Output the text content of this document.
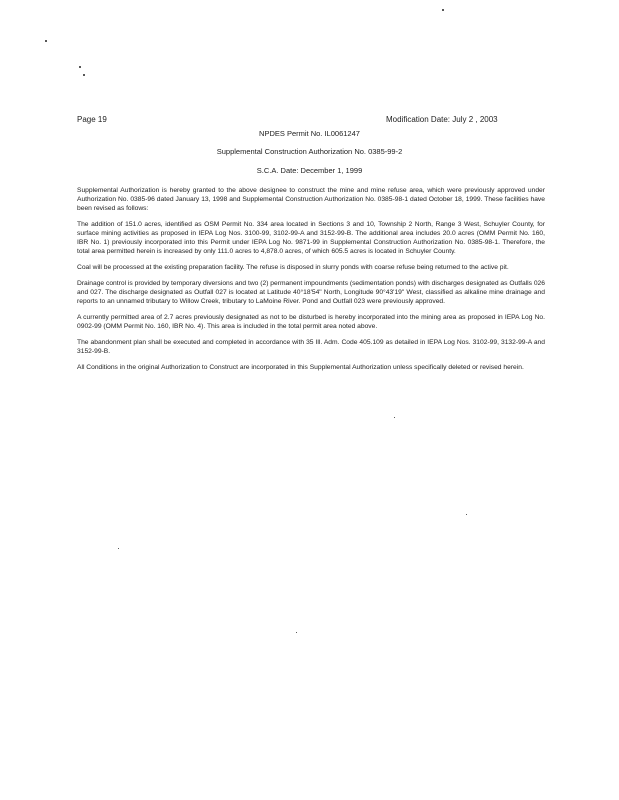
Page 19	Modification Date: July 2 , 2003
NPDES Permit No. IL0061247
Supplemental Construction Authorization No. 0385-99-2
S.C.A. Date: December 1, 1999

Supplemental Authorization is hereby granted to the above designee to construct the mine and mine refuse area, which were previously approved under Authorization No. 0385-96 dated January 13, 1998 and Supplemental Construction Authorization No. 0385-98-1 dated October 18, 1999. These facilities have been revised as follows:

The addition of 151.0 acres, identified as OSM Permit No. 334 area located in Sections 3 and 10, Township 2 North, Range 3 West, Schuyler County, for surface mining activities as proposed in IEPA Log Nos. 3100-99, 3102-99-A and 3152-99-B. The additional area includes 20.0 acres (OMM Permit No. 160, IBR No. 1) previously incorporated into this Permit under IEPA Log No. 9871-99 in Supplemental Construction Authorization No. 0385-98-1. Therefore, the total area permitted herein is increased by only 111.0 acres to 4,878.0 acres, of which 605.5 acres is located in Schuyler County.

Coal will be processed at the existing preparation facility. The refuse is disposed in slurry ponds with coarse refuse being returned to the active pit.

Drainage control is provided by temporary diversions and two (2) permanent impoundments (sedimentation ponds) with discharges designated as Outfalls 026 and 027. The discharge designated as Outfall 027 is located at Latitude 40°18'54" North, Longitude 90°43'19" West, classified as alkaline mine drainage and reports to an unnamed tributary to Willow Creek, tributary to LaMoine River. Pond and Outfall 023 were previously approved.

A currently permitted area of 2.7 acres previously designated as not to be disturbed is hereby incorporated into the mining area as proposed in IEPA Log No. 0902-99 (OMM Permit No. 160, IBR No. 4). This area is included in the total permit area noted above.

The abandonment plan shall be executed and completed in accordance with 35 Ill. Adm. Code 405.109 as detailed in IEPA Log Nos. 3102-99, 3132-99-A and 3152-99-B.

All Conditions in the original Authorization to Construct are incorporated in this Supplemental Authorization unless specifically deleted or revised herein.
